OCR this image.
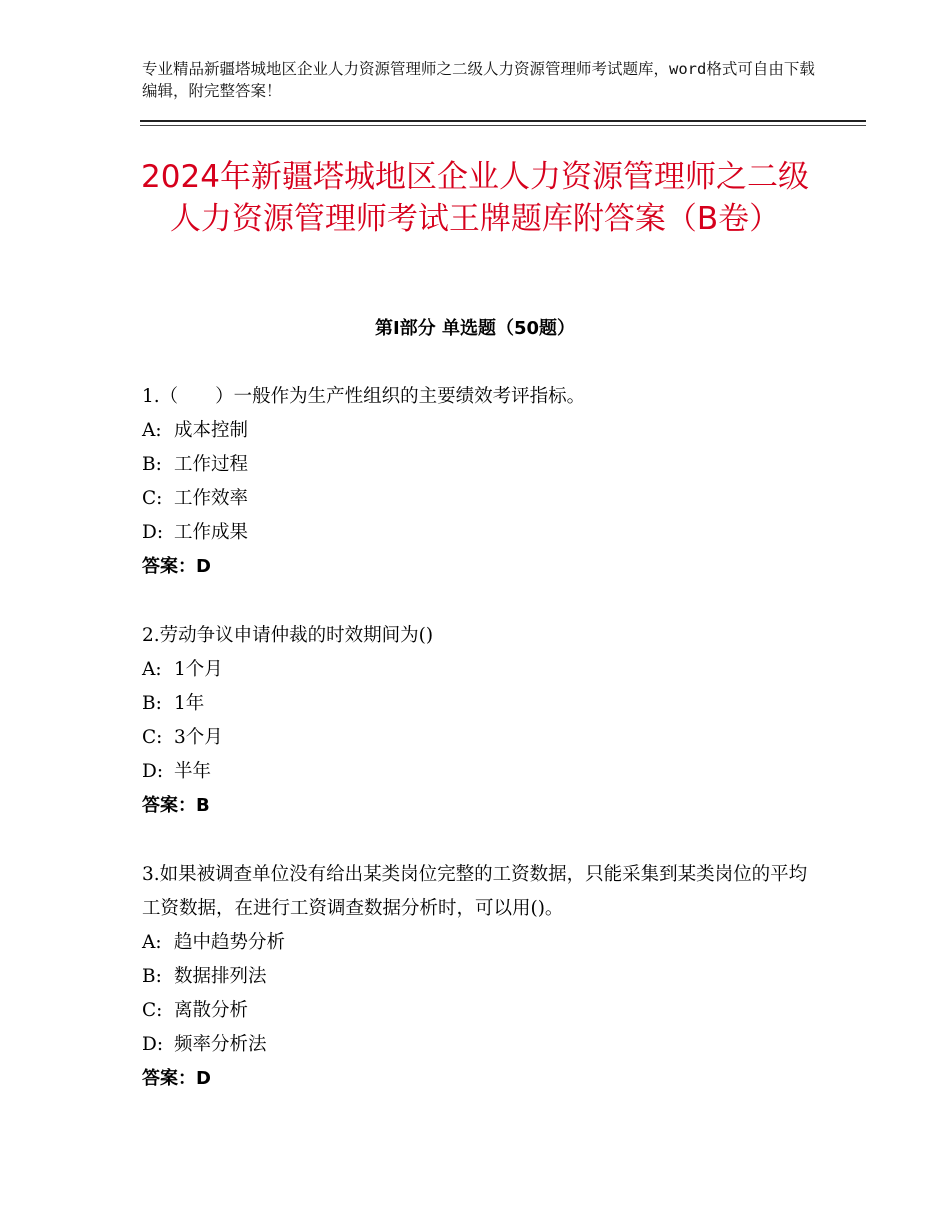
专业精品新疆塔城地区企业人力资源管理师之二级人力资源管理师考试题库，word格式可自由下载编辑，附完整答案！
2024年新疆塔城地区企业人力资源管理师之二级人力资源管理师考试王牌题库附答案（B卷）
第Ⅰ部分 单选题（50题）

1.（　　）一般作为生产性组织的主要绩效考评指标。

A: 成本控制
B: 工作过程
C: 工作效率
D: 工作成果
答案：D

2.劳动争议申请仲裁的时效期间为()

A: 1个月
B: 1年
C: 3个月
D: 半年
答案：B

3.如果被调查单位没有给出某类岗位完整的工资数据，只能采集到某类岗位的平均工资数据，在进行工资调查数据分析时，可以用()。

A: 趋中趋势分析
B: 数据排列法
C: 离散分析
D: 频率分析法
答案：D
